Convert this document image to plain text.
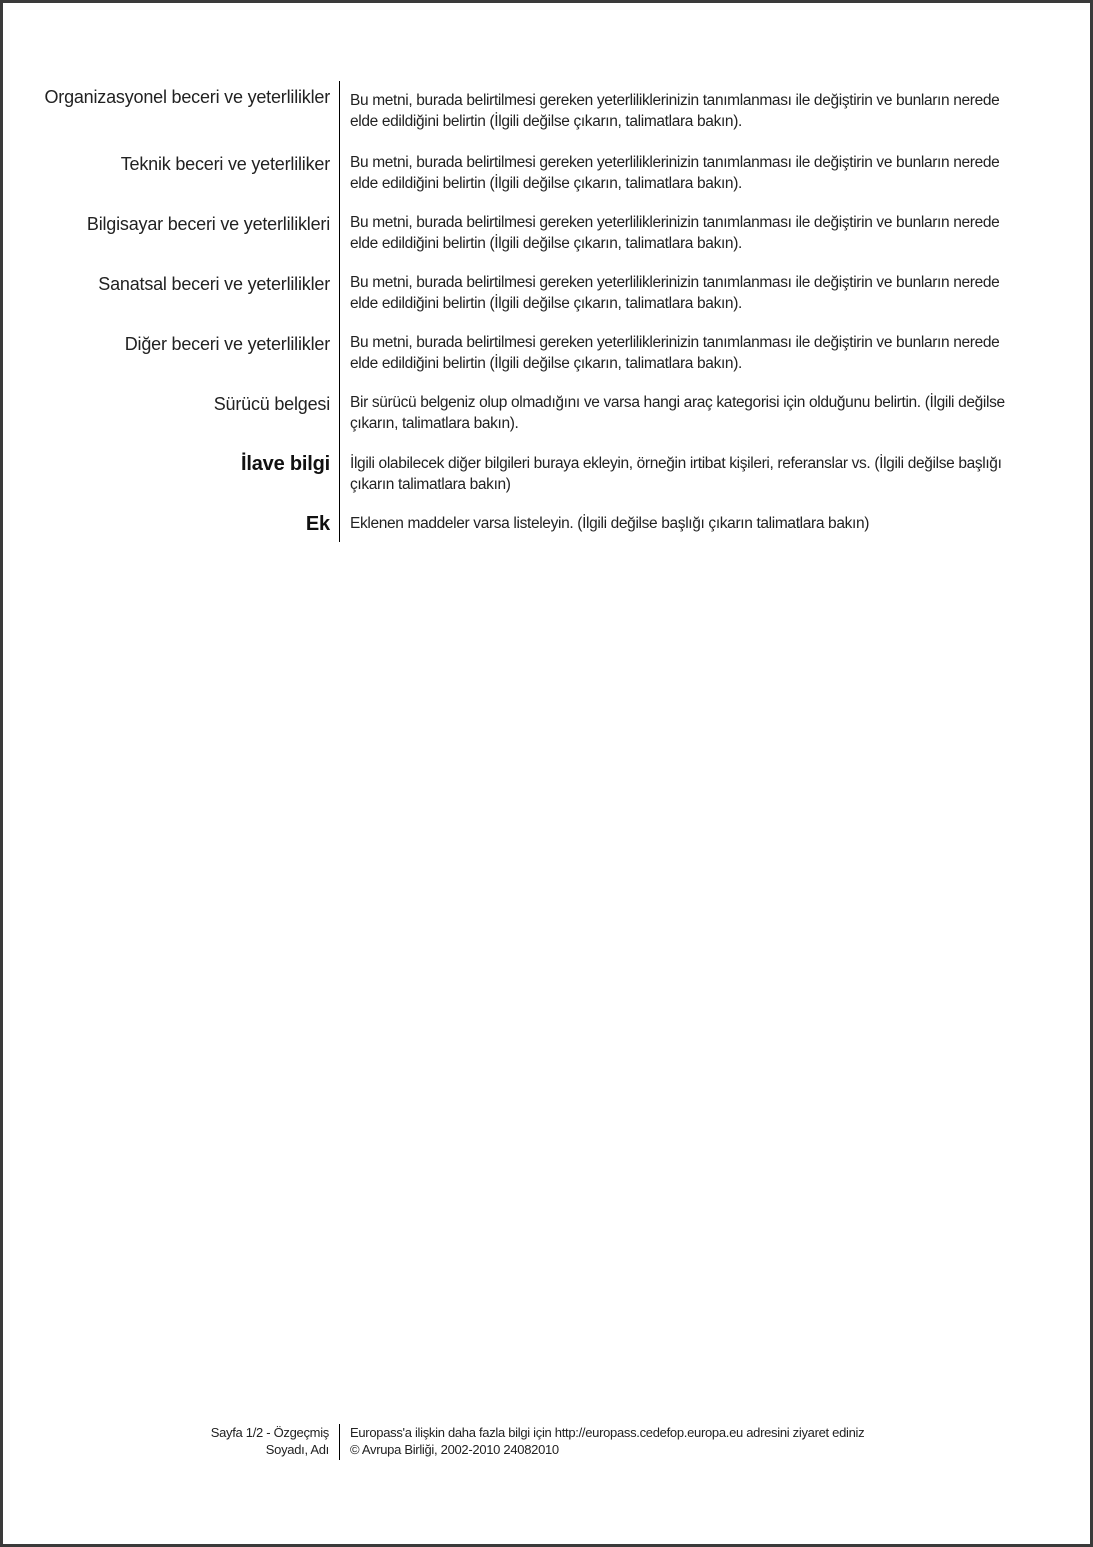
Organizasyonel beceri ve yeterlilikler Bu metni, burada belirtilmesi gereken yeterliliklerinizin tanımlanması ile değiştirin ve bunların nerede elde edildiğini belirtin (İlgili değilse çıkarın, talimatlara bakın).
Teknik beceri ve yeterliliker Bu metni, burada belirtilmesi gereken yeterliliklerinizin tanımlanması ile değiştirin ve bunların nerede elde edildiğini belirtin (İlgili değilse çıkarın, talimatlara bakın).
Bilgisayar beceri ve yeterlilikleri Bu metni, burada belirtilmesi gereken yeterliliklerinizin tanımlanması ile değiştirin ve bunların nerede elde edildiğini belirtin (İlgili değilse çıkarın, talimatlara bakın).
Sanatsal beceri ve yeterlilikler Bu metni, burada belirtilmesi gereken yeterliliklerinizin tanımlanması ile değiştirin ve bunların nerede elde edildiğini belirtin (İlgili değilse çıkarın, talimatlara bakın).
Diğer beceri ve yeterlilikler Bu metni, burada belirtilmesi gereken yeterliliklerinizin tanımlanması ile değiştirin ve bunların nerede elde edildiğini belirtin (İlgili değilse çıkarın, talimatlara bakın).
Sürücü belgesi Bir sürücü belgeniz olup olmadığını ve varsa hangi araç kategorisi için olduğunu belirtin. (İlgili değilse çıkarın, talimatlara bakın).
İlave bilgi İlgili olabilecek diğer bilgileri buraya ekleyin, örneğin irtibat kişileri, referanslar vs. (İlgili değilse başlığı çıkarın talimatlara bakın)
Ek Eklenen maddeler varsa listeleyin. (İlgili değilse başlığı çıkarın talimatlara bakın)
Sayfa 1/2 - Özgeçmiş
Soyadı, Adı
Europass'a ilişkin daha fazla bilgi için http://europass.cedefop.europa.eu adresini ziyaret ediniz
© Avrupa Birliği, 2002-2010 24082010
